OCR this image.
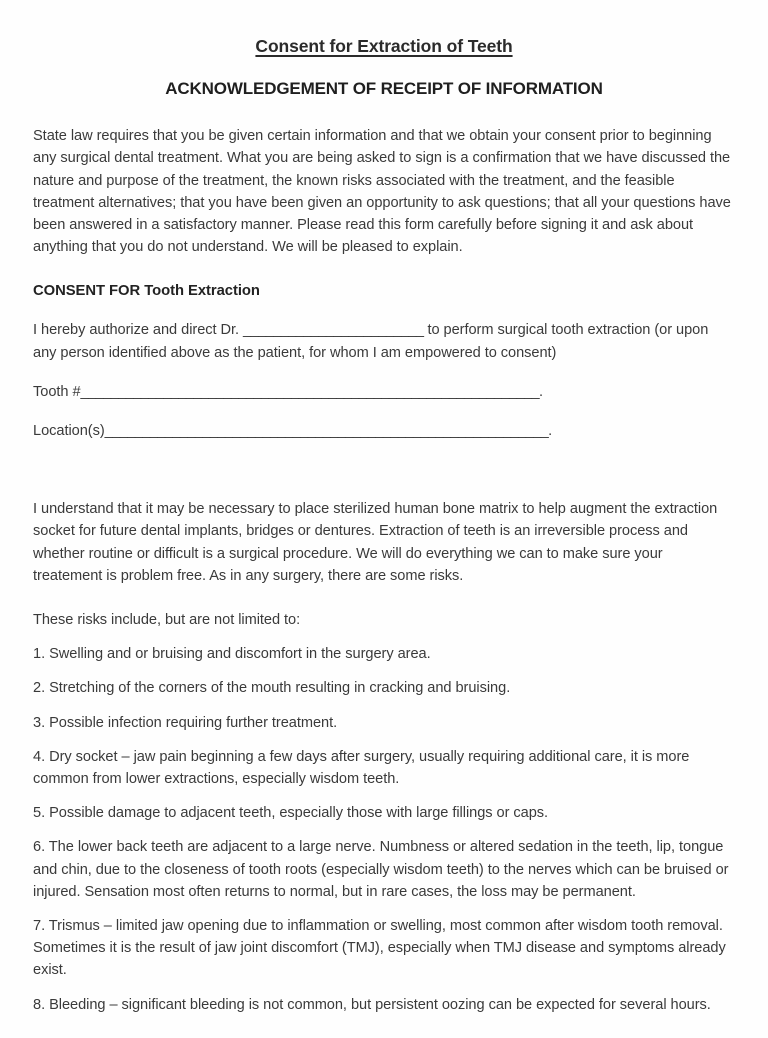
Consent for Extraction of Teeth
ACKNOWLEDGEMENT OF RECEIPT OF INFORMATION

State law requires that you be given certain information and that we obtain your consent prior to beginning any surgical dental treatment. What you are being asked to sign is a confirmation that we have discussed the nature and purpose of the treatment, the known risks associated with the treatment, and the feasible treatment alternatives; that you have been given an opportunity to ask questions; that all your questions have been answered in a satisfactory manner. Please read this form carefully before signing it and ask about anything that you do not understand. We will be pleased to explain.

CONSENT FOR Tooth Extraction

I hereby authorize and direct Dr. ________________________ to perform surgical tooth extraction (or upon any person identified above as the patient, for whom I am empowered to consent)

Tooth #_____________________________________________________________.

Location(s)___________________________________________________________.

I understand that it may be necessary to place sterilized human bone matrix to help augment the extraction socket for future dental implants, bridges or dentures. Extraction of teeth is an irreversible process and whether routine or difficult is a surgical procedure. We will do everything we can to make sure your treatement is problem free. As in any surgery, there are some risks.

These risks include, but are not limited to:

1. Swelling and or bruising and discomfort in the surgery area.

2. Stretching of the corners of the mouth resulting in cracking and bruising.

3. Possible infection requiring further treatment.

4. Dry socket – jaw pain beginning a few days after surgery, usually requiring additional care, it is more common from lower extractions, especially wisdom teeth.

5. Possible damage to adjacent teeth, especially those with large fillings or caps.

6. The lower back teeth are adjacent to a large nerve. Numbness or altered sedation in the teeth, lip, tongue and chin, due to the closeness of tooth roots (especially wisdom teeth) to the nerves which can be bruised or injured. Sensation most often returns to normal, but in rare cases, the loss may be permanent.

7. Trismus – limited jaw opening due to inflammation or swelling, most common after wisdom tooth removal. Sometimes it is the result of jaw joint discomfort (TMJ), especially when TMJ disease and symptoms already exist.

8. Bleeding – significant bleeding is not common, but persistent oozing can be expected for several hours.
